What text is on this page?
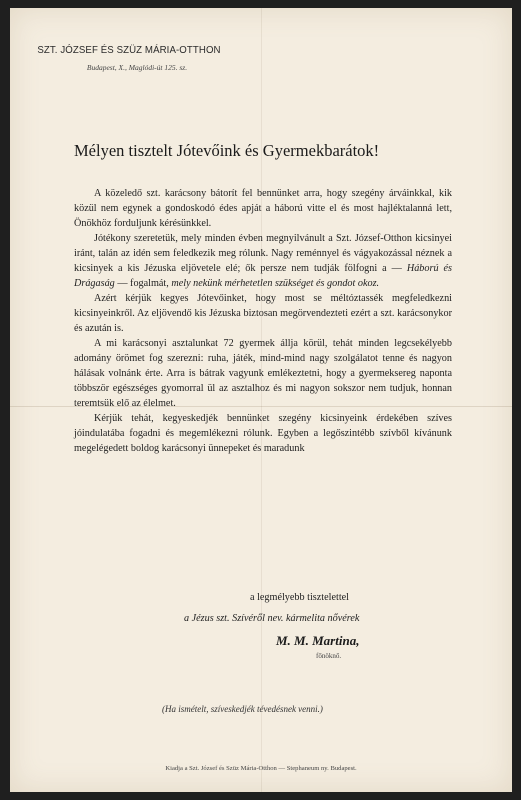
SZT. JÓZSEF ÉS SZÜZ MÁRIA-OTTHON
Budapest, X., Maglódi-út 125. sz.
Mélyen tisztelt Jótevőink és Gyermekbarátok!

A közeledő szt. karácsony bátorít fel bennünket arra, hogy szegény árváinkkal, kik közül nem egynek a gondoskodó édes apját a háború vitte el és most hajléktalanná lett, Önökhöz forduljunk kérésünkkel.

Jótékony szeretetük, mely minden évben megnyilvánult a Szt. József-Otthon kicsinyei iránt, talán az idén sem feledkezik meg rólunk. Nagy reménnyel és vágyakozással néznek a kicsinyek a kis Jézuska eljövetele elé; ők persze nem tudják fölfogni a — Háború és Drágaság — fogalmát, mely nekünk mérhetetlen szükséget és gondot okoz.

Azért kérjük kegyes Jótevőinket, hogy most se méltóztassék megfeledkezni kicsinyeinkről. Az eljövendő kis Jézuska biztosan megörvendezteti ezért a szt. karácsonykor és azután is.

A mi karácsonyi asztalunkat 72 gyermek állja körül, tehát minden legcsekélyebb adomány örömet fog szerezni: ruha, játék, mind-mind nagy szolgálatot tenne és nagyon hálásak volnánk érte. Arra is bátrak vagyunk emlékeztetni, hogy a gyermeksereg naponta többször egészséges gyomorral ül az asztalhoz és mi nagyon sokszor nem tudjuk, honnan teremtsük elő az élelmet.

Kérjük tehát, kegyeskedjék bennünket szegény kicsinyeink érdekében szíves jóindulatába fogadni és megemlékezni rólunk. Egyben a legőszintébb szívből kívánunk megelégedett boldog karácsonyi ünnepeket és maradunk

a legmélyebb tisztelettel
a Jézus szt. Szívéről nev. kármelita nővérek
M. M. Martina,
főnöknő.
(Ha ismételt, szíveskedjék tévedésnek venni.)
Kiadja a Szt. József és Szüz Mária-Otthon — Stephaneum ny. Budapest.
